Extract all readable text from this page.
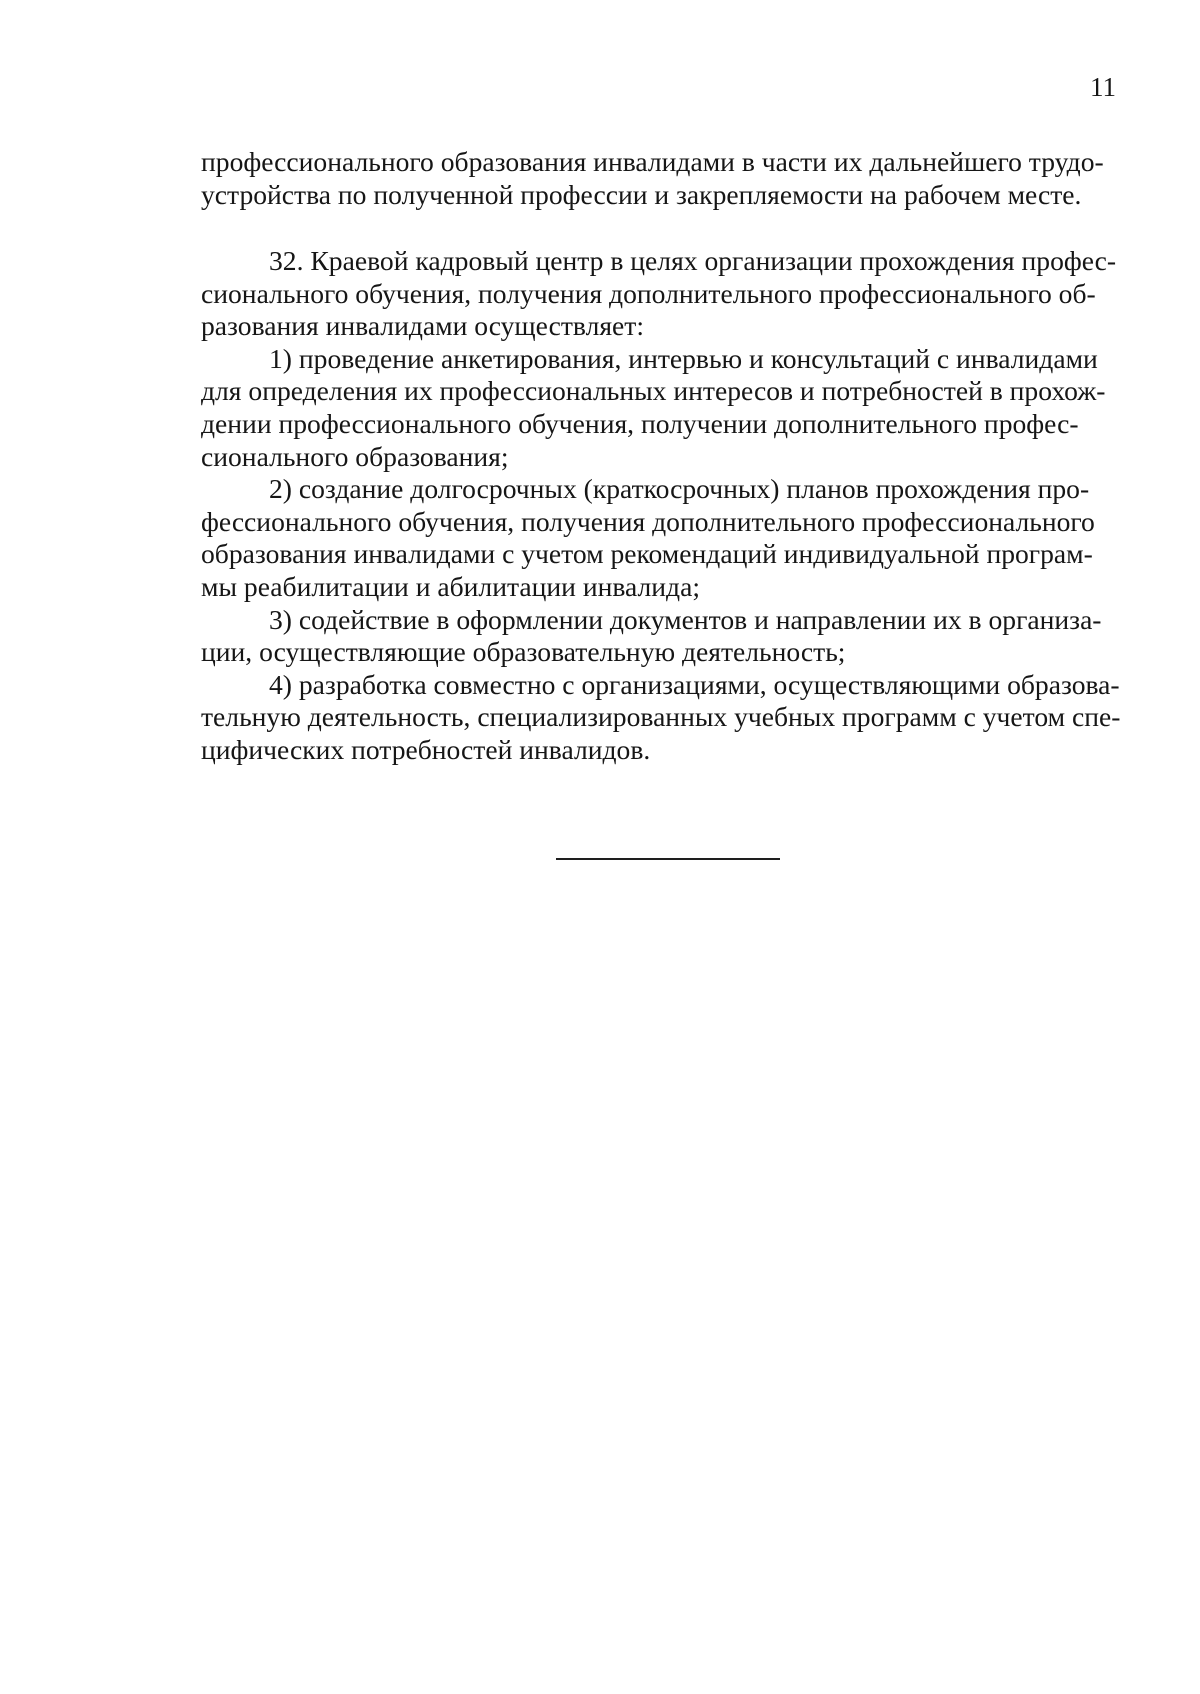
11

профессионального образования инвалидами в части их дальнейшего трудо-
устройства по полученной профессии и закрепляемости на рабочем месте.

32. Краевой кадровый центр в целях организации прохождения профес-
сионального обучения, получения дополнительного профессионального об-
разования инвалидами осуществляет:

1) проведение анкетирования, интервью и консультаций с инвалидами
для определения их профессиональных интересов и потребностей в прохож-
дении профессионального обучения, получении дополнительного профес-
сионального образования;

2) создание долгосрочных (краткосрочных) планов прохождения про-
фессионального обучения, получения дополнительного профессионального
образования инвалидами с учетом рекомендаций индивидуальной програм-
мы реабилитации и абилитации инвалида;

3) содействие в оформлении документов и направлении их в организа-
ции, осуществляющие образовательную деятельность;

4) разработка совместно с организациями, осуществляющими образова-
тельную деятельность, специализированных учебных программ с учетом спе-
цифических потребностей инвалидов.
